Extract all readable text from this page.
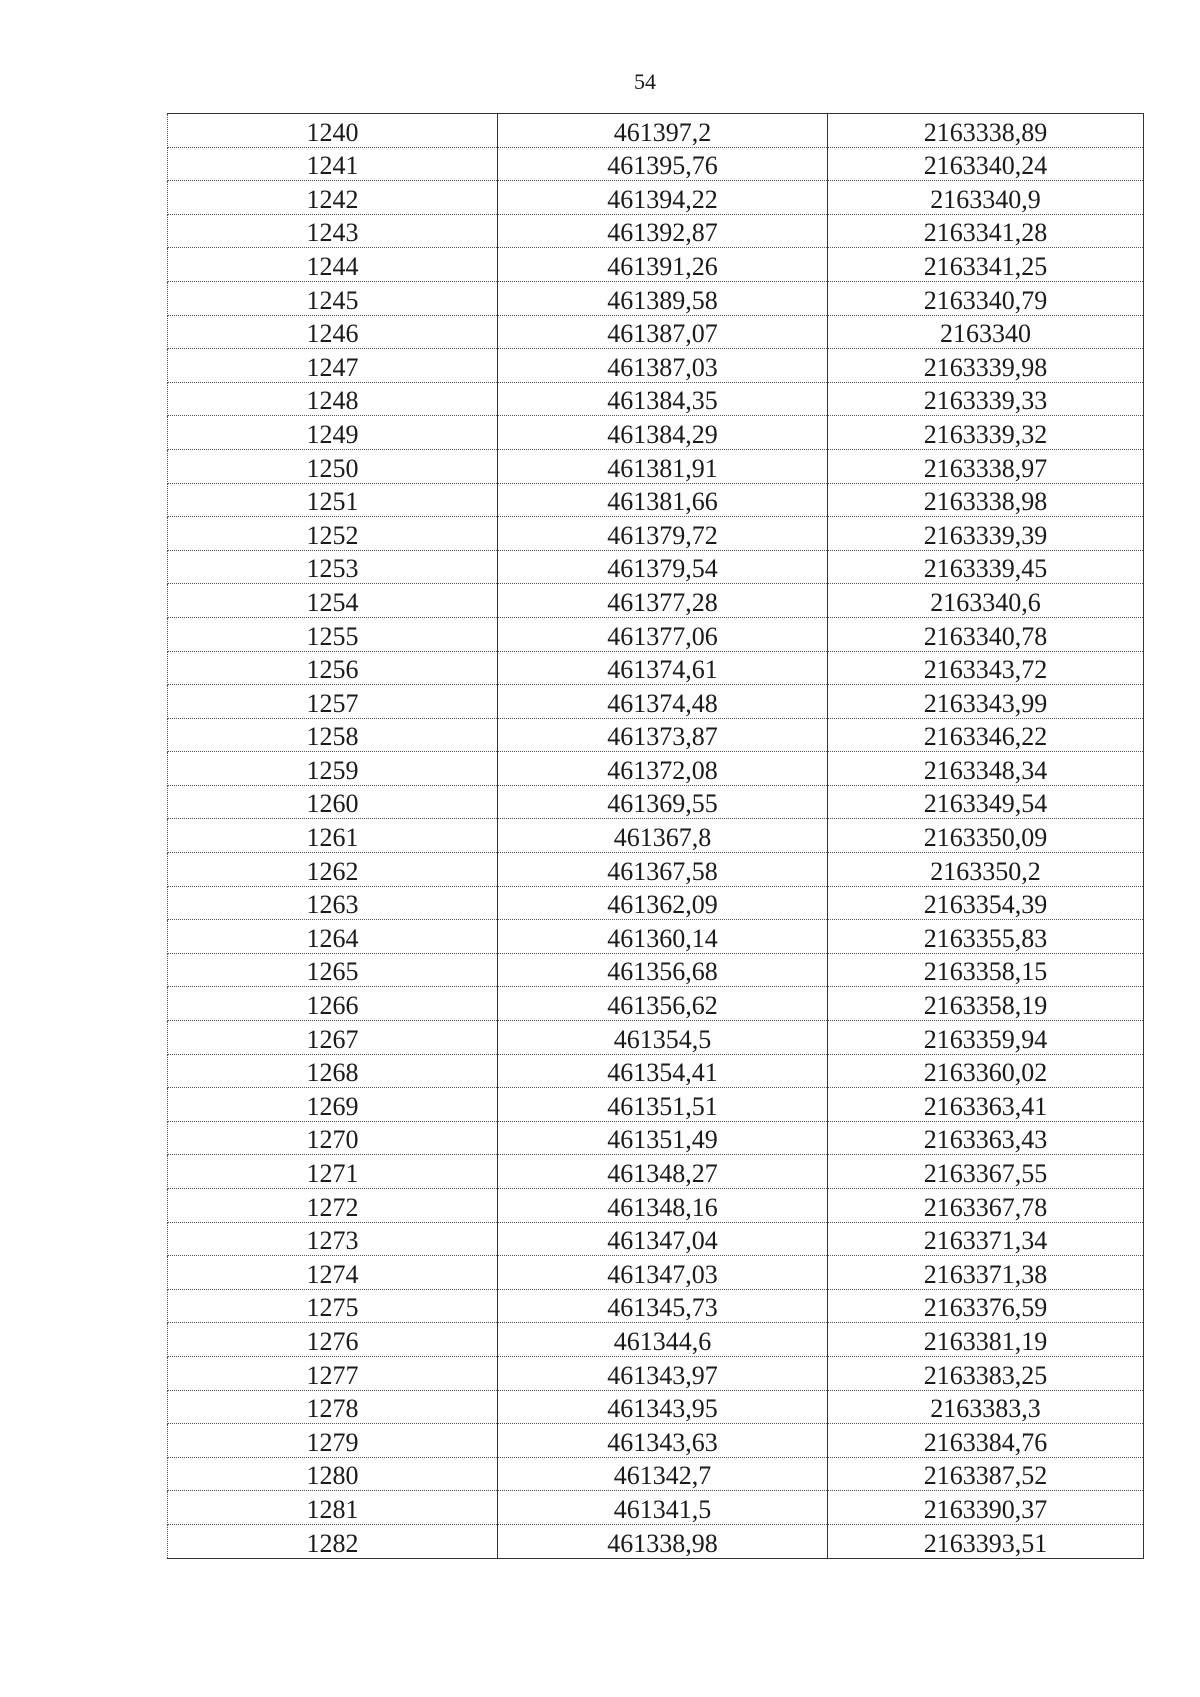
54
1240	461397,2	2163338,89
1241	461395,76	2163340,24
1242	461394,22	2163340,9
1243	461392,87	2163341,28
1244	461391,26	2163341,25
1245	461389,58	2163340,79
1246	461387,07	2163340
1247	461387,03	2163339,98
1248	461384,35	2163339,33
1249	461384,29	2163339,32
1250	461381,91	2163338,97
1251	461381,66	2163338,98
1252	461379,72	2163339,39
1253	461379,54	2163339,45
1254	461377,28	2163340,6
1255	461377,06	2163340,78
1256	461374,61	2163343,72
1257	461374,48	2163343,99
1258	461373,87	2163346,22
1259	461372,08	2163348,34
1260	461369,55	2163349,54
1261	461367,8	2163350,09
1262	461367,58	2163350,2
1263	461362,09	2163354,39
1264	461360,14	2163355,83
1265	461356,68	2163358,15
1266	461356,62	2163358,19
1267	461354,5	2163359,94
1268	461354,41	2163360,02
1269	461351,51	2163363,41
1270	461351,49	2163363,43
1271	461348,27	2163367,55
1272	461348,16	2163367,78
1273	461347,04	2163371,34
1274	461347,03	2163371,38
1275	461345,73	2163376,59
1276	461344,6	2163381,19
1277	461343,97	2163383,25
1278	461343,95	2163383,3
1279	461343,63	2163384,76
1280	461342,7	2163387,52
1281	461341,5	2163390,37
1282	461338,98	2163393,51
